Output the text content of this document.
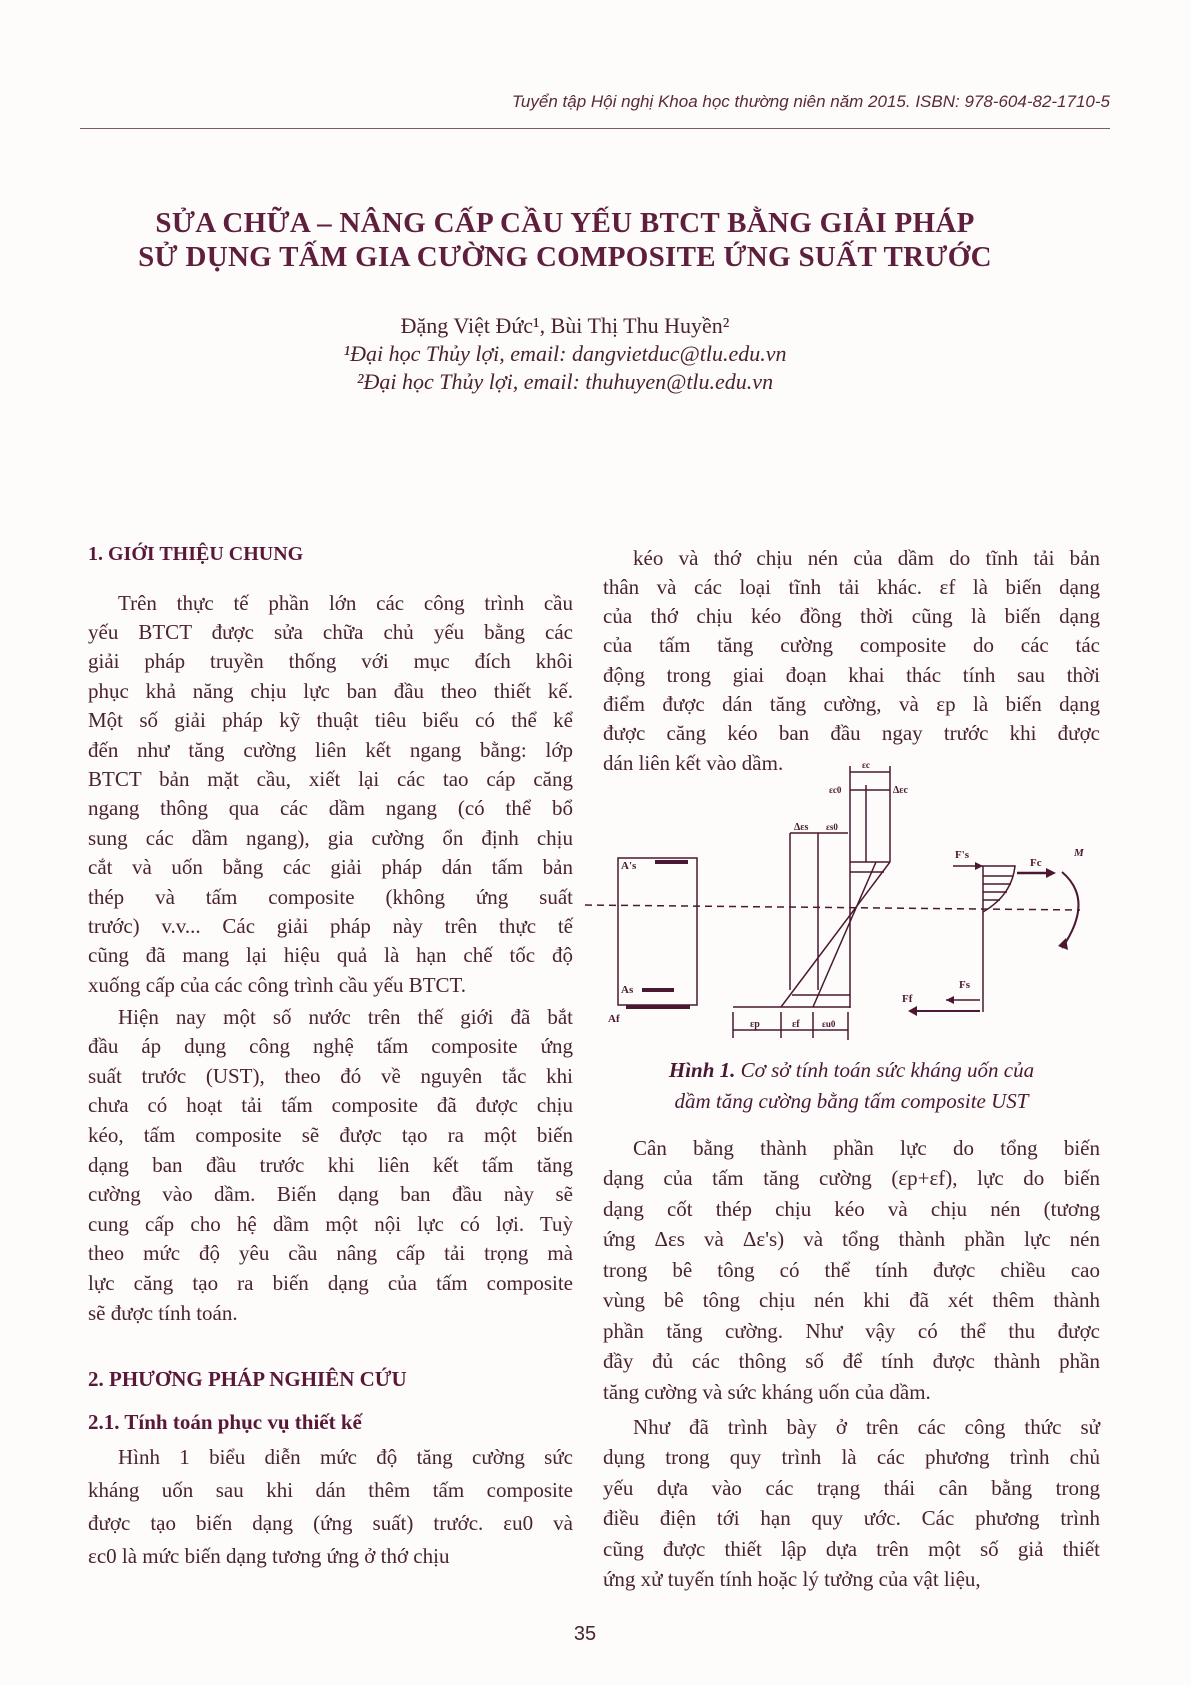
Tuyển tập Hội nghị Khoa học thường niên năm 2015. ISBN: 978-604-82-1710-5
SỬA CHỮA – NÂNG CẤP CẦU YẾU BTCT BẰNG GIẢI PHÁP
SỬ DỤNG TẤM GIA CƯỜNG COMPOSITE ỨNG SUẤT TRƯỚC
Đặng Việt Đức¹, Bùi Thị Thu Huyền²
¹Đại học Thủy lợi, email: dangvietduc@tlu.edu.vn
²Đại học Thủy lợi, email: thuhuyen@tlu.edu.vn
1. GIỚI THIỆU CHUNG
2. PHƯƠNG PHÁP NGHIÊN CỨU
2.1. Tính toán phục vụ thiết kế
Trên thực tế phần lớn các công trình cầu
yếu BTCT được sửa chữa chủ yếu bằng các
giải pháp truyền thống với mục đích khôi
phục khả năng chịu lực ban đầu theo thiết kế.
Một số giải pháp kỹ thuật tiêu biểu có thể kể
đến như tăng cường liên kết ngang bằng: lớp
BTCT bản mặt cầu, xiết lại các tao cáp căng
ngang thông qua các dầm ngang (có thể bổ
sung các dầm ngang), gia cường ổn định chịu
cắt và uốn bằng các giải pháp dán tấm bản
thép và tấm composite (không ứng suất
trước) v.v... Các giải pháp này trên thực tế
cũng đã mang lại hiệu quả là hạn chế tốc độ
xuống cấp của các công trình cầu yếu BTCT.
Hiện nay một số nước trên thế giới đã bắt
đầu áp dụng công nghệ tấm composite ứng
suất trước (UST), theo đó về nguyên tắc khi
chưa có hoạt tải tấm composite đã được chịu
kéo, tấm composite sẽ được tạo ra một biến
dạng ban đầu trước khi liên kết tấm tăng
cường vào dầm. Biến dạng ban đầu này sẽ
cung cấp cho hệ dầm một nội lực có lợi. Tuỳ
theo mức độ yêu cầu nâng cấp tải trọng mà
lực căng tạo ra biến dạng của tấm composite
sẽ được tính toán.
Hình 1 biểu diễn mức độ tăng cường sức
kháng uốn sau khi dán thêm tấm composite
được tạo biến dạng (ứng suất) trước. εu0 và
εc0 là mức biến dạng tương ứng ở thớ chịu
kéo và thớ chịu nén của dầm do tĩnh tải bản
thân và các loại tĩnh tải khác. εf là biến dạng
của thớ chịu kéo đồng thời cũng là biến dạng
của tấm tăng cường composite do các tác
động trong giai đoạn khai thác tính sau thời
điểm được dán tăng cường, và εp là biến dạng
được căng kéo ban đầu ngay trước khi được
dán liên kết vào dầm.
Cân bằng thành phần lực do tổng biến
dạng của tấm tăng cường (εp+εf), lực do biến
dạng cốt thép chịu kéo và chịu nén (tương
ứng Δεs và Δε's) và tổng thành phần lực nén
trong bê tông có thể tính được chiều cao
vùng bê tông chịu nén khi đã xét thêm thành
phần tăng cường. Như vậy có thể thu được
đầy đủ các thông số để tính được thành phần
tăng cường và sức kháng uốn của dầm.
Như đã trình bày ở trên các công thức sử
dụng trong quy trình là các phương trình chủ
yếu dựa vào các trạng thái cân bằng trong
điều điện tới hạn quy ước. Các phương trình
cũng được thiết lập dựa trên một số giả thiết
ứng xử tuyến tính hoặc lý tưởng của vật liệu,
A's
As
Af
εc
εc0	Δεc
Δεs εs0
εp	εf εu0
F's
Fc
Fs
Ff
M
Hình 1. Cơ sở tính toán sức kháng uốn của
dầm tăng cường bằng tấm composite UST
35
